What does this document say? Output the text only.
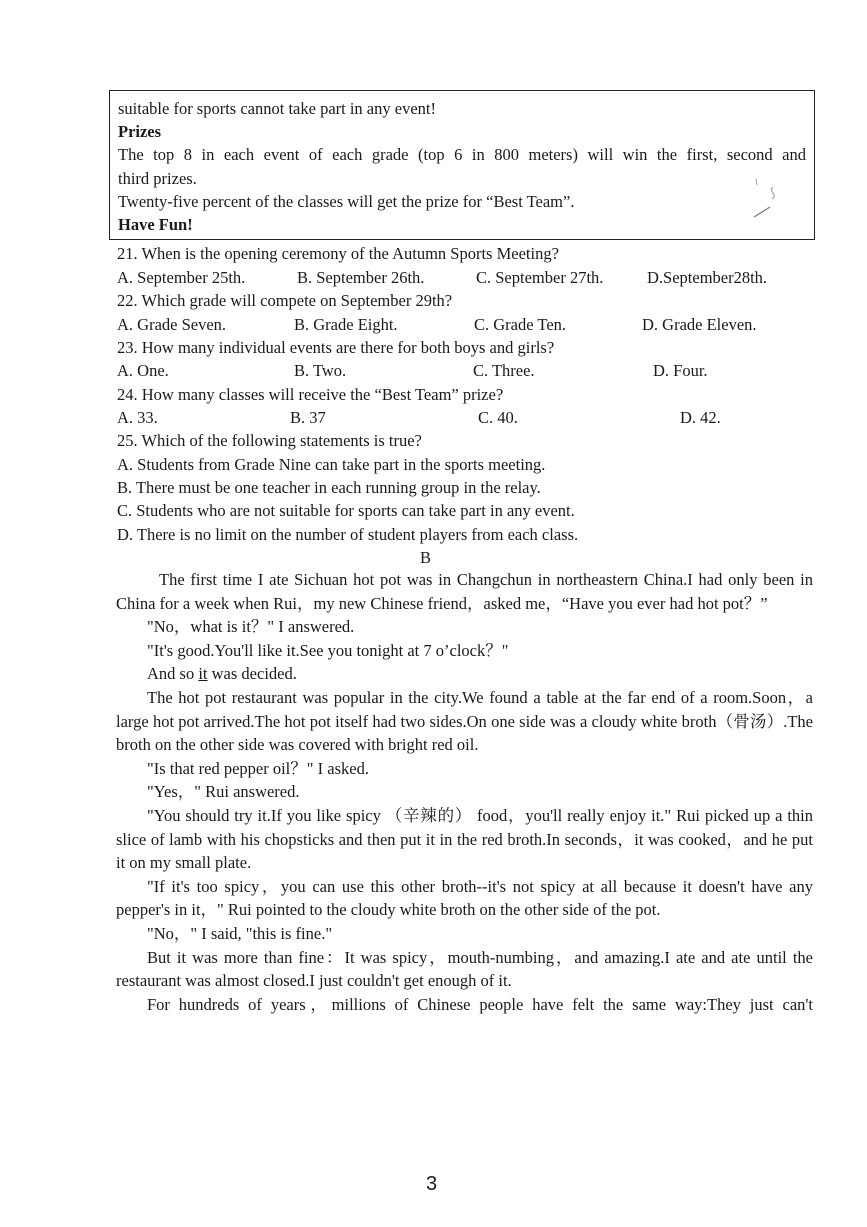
suitable for sports cannot take part in any event!
Prizes
The top 8 in each event of each grade (top 6 in 800 meters) will win the first, second and
third prizes.
Twenty-five percent of the classes will get the prize for “Best Team”.
Have Fun!
21. When is the opening ceremony of the Autumn Sports Meeting?
A. September 25th.	B. September 26th.	C. September 27th.	D.September28th.
22. Which grade will compete on September 29th?
A. Grade Seven.	B. Grade Eight.	C. Grade Ten.	D. Grade Eleven.
23. How many individual events are there for both boys and girls?
A. One.	B. Two.	C. Three.	D. Four.
24. How many classes will receive the “Best Team” prize?
A. 33.	B. 37	C. 40.	D. 42.
25. Which of the following statements is true?
A. Students from Grade Nine can take part in the sports meeting.
B. There must be one teacher in each running group in the relay.
C. Students who are not suitable for sports can take part in any event.
D. There is no limit on the number of student players from each class.
B

The first time I ate Sichuan hot pot was in Changchun in northeastern China.I had only been in China for a week when Rui，my new Chinese friend，asked me，“Have you ever had hot pot？”

"No，what is it？" I answered.

"It's good.You'll like it.See you tonight at 7 o’clock？"

And so it was decided.

The hot pot restaurant was popular in the city.We found a table at the far end of a room.Soon，a large hot pot arrived.The hot pot itself had two sides.On one side was a cloudy white broth（骨汤）.The broth on the other side was covered with bright red oil.

"Is that red pepper oil？" I asked.

"Yes，" Rui answered.

"You should try it.If you like spicy （辛辣的） food，you'll really enjoy it." Rui picked up a thin slice of lamb with his chopsticks and then put it in the red broth.In seconds，it was cooked，and he put it on my small plate.

"If it's too spicy，you can use this other broth--it's not spicy at all because it doesn't have any pepper's in it，" Rui pointed to the cloudy white broth on the other side of the pot.

"No，" I said, "this is fine."

But it was more than fine：It was spicy，mouth-numbing，and amazing.I ate and ate until the restaurant was almost closed.I just couldn't get enough of it.

For hundreds of years，millions of Chinese people have felt the same way:They just can't

3
